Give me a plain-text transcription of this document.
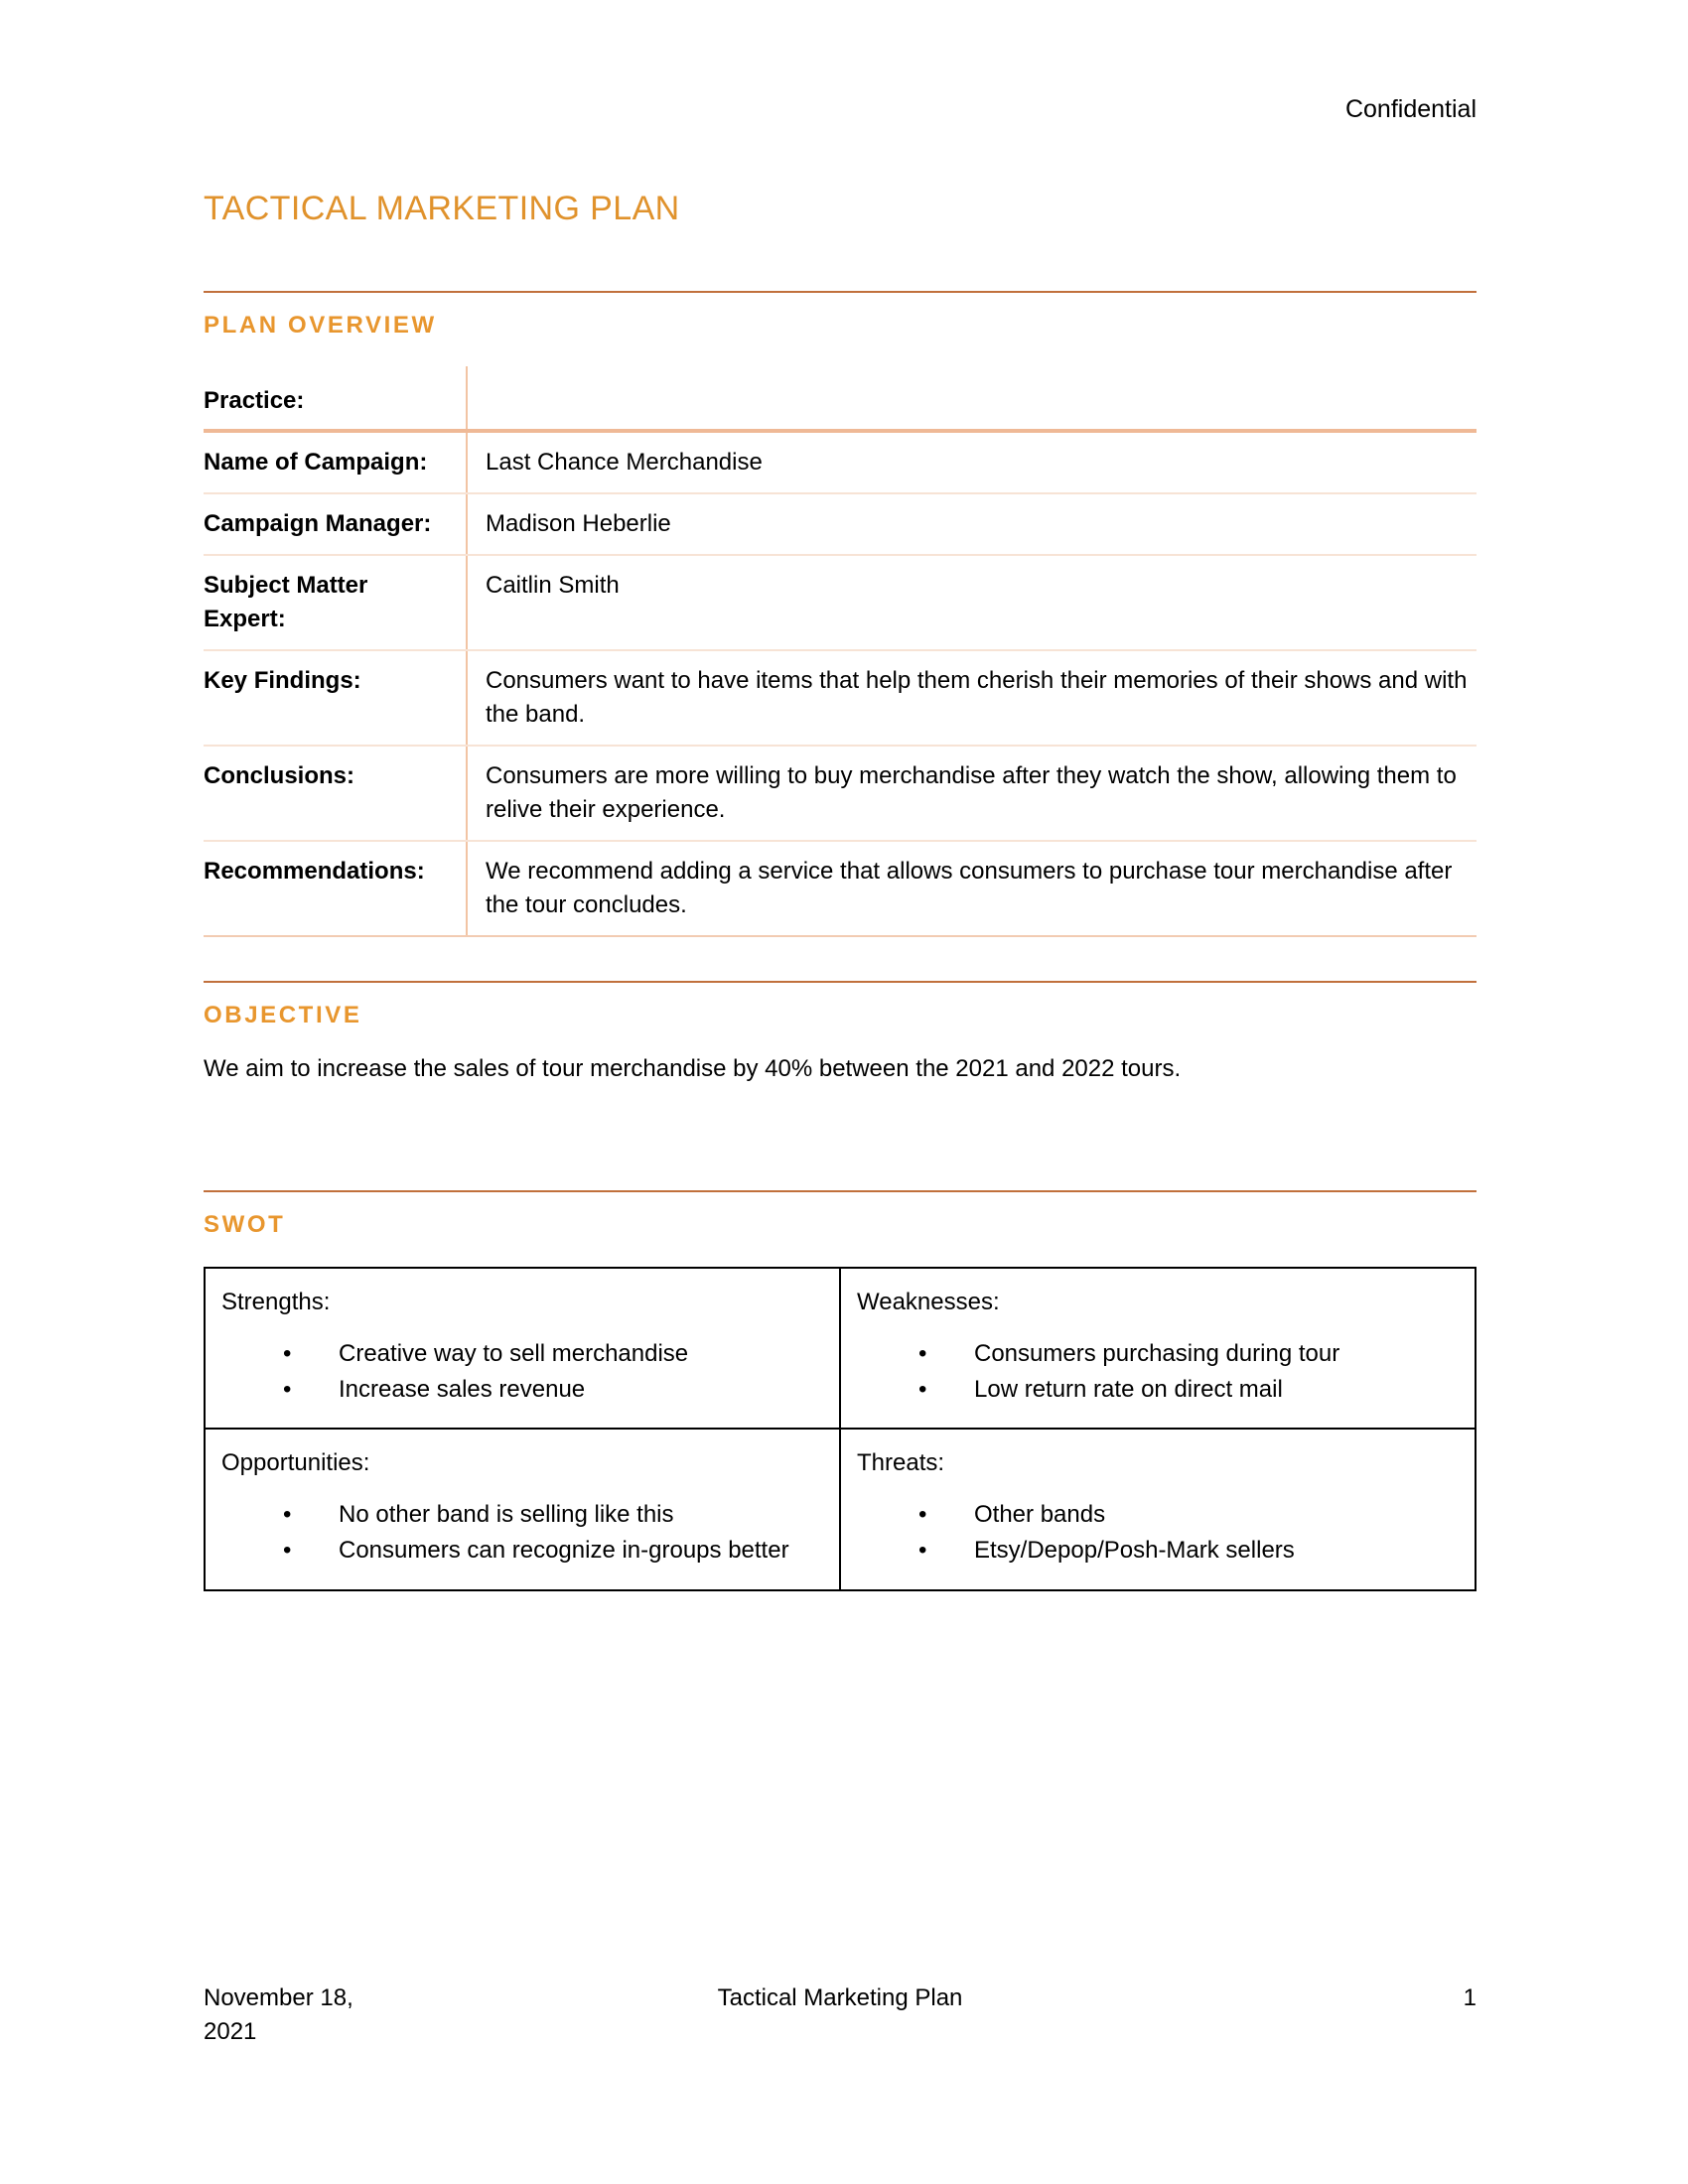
Confidential
TACTICAL MARKETING PLAN
PLAN OVERVIEW
Practice:	
Name of Campaign:	Last Chance Merchandise
Campaign Manager:	Madison Heberlie
Subject Matter Expert:	Caitlin Smith
Key Findings:	Consumers want to have items that help them cherish their memories of their shows and with the band.
Conclusions:	Consumers are more willing to buy merchandise after they watch the show, allowing them to relive their experience.
Recommendations:	We recommend adding a service that allows consumers to purchase tour merchandise after the tour concludes.
OBJECTIVE

We aim to increase the sales of tour merchandise by 40% between the 2021 and 2022 tours.

SWOT

Strengths:

• Creative way to sell merchandise
• Increase sales revenue

Weaknesses:

• Consumers purchasing during tour
• Low return rate on direct mail

Opportunities:

• No other band is selling like this
• Consumers can recognize in-groups better

Threats:

• Other bands
• Etsy/Depop/Posh-Mark sellers
Tactical Marketing Plan
November 18, 2021
1
